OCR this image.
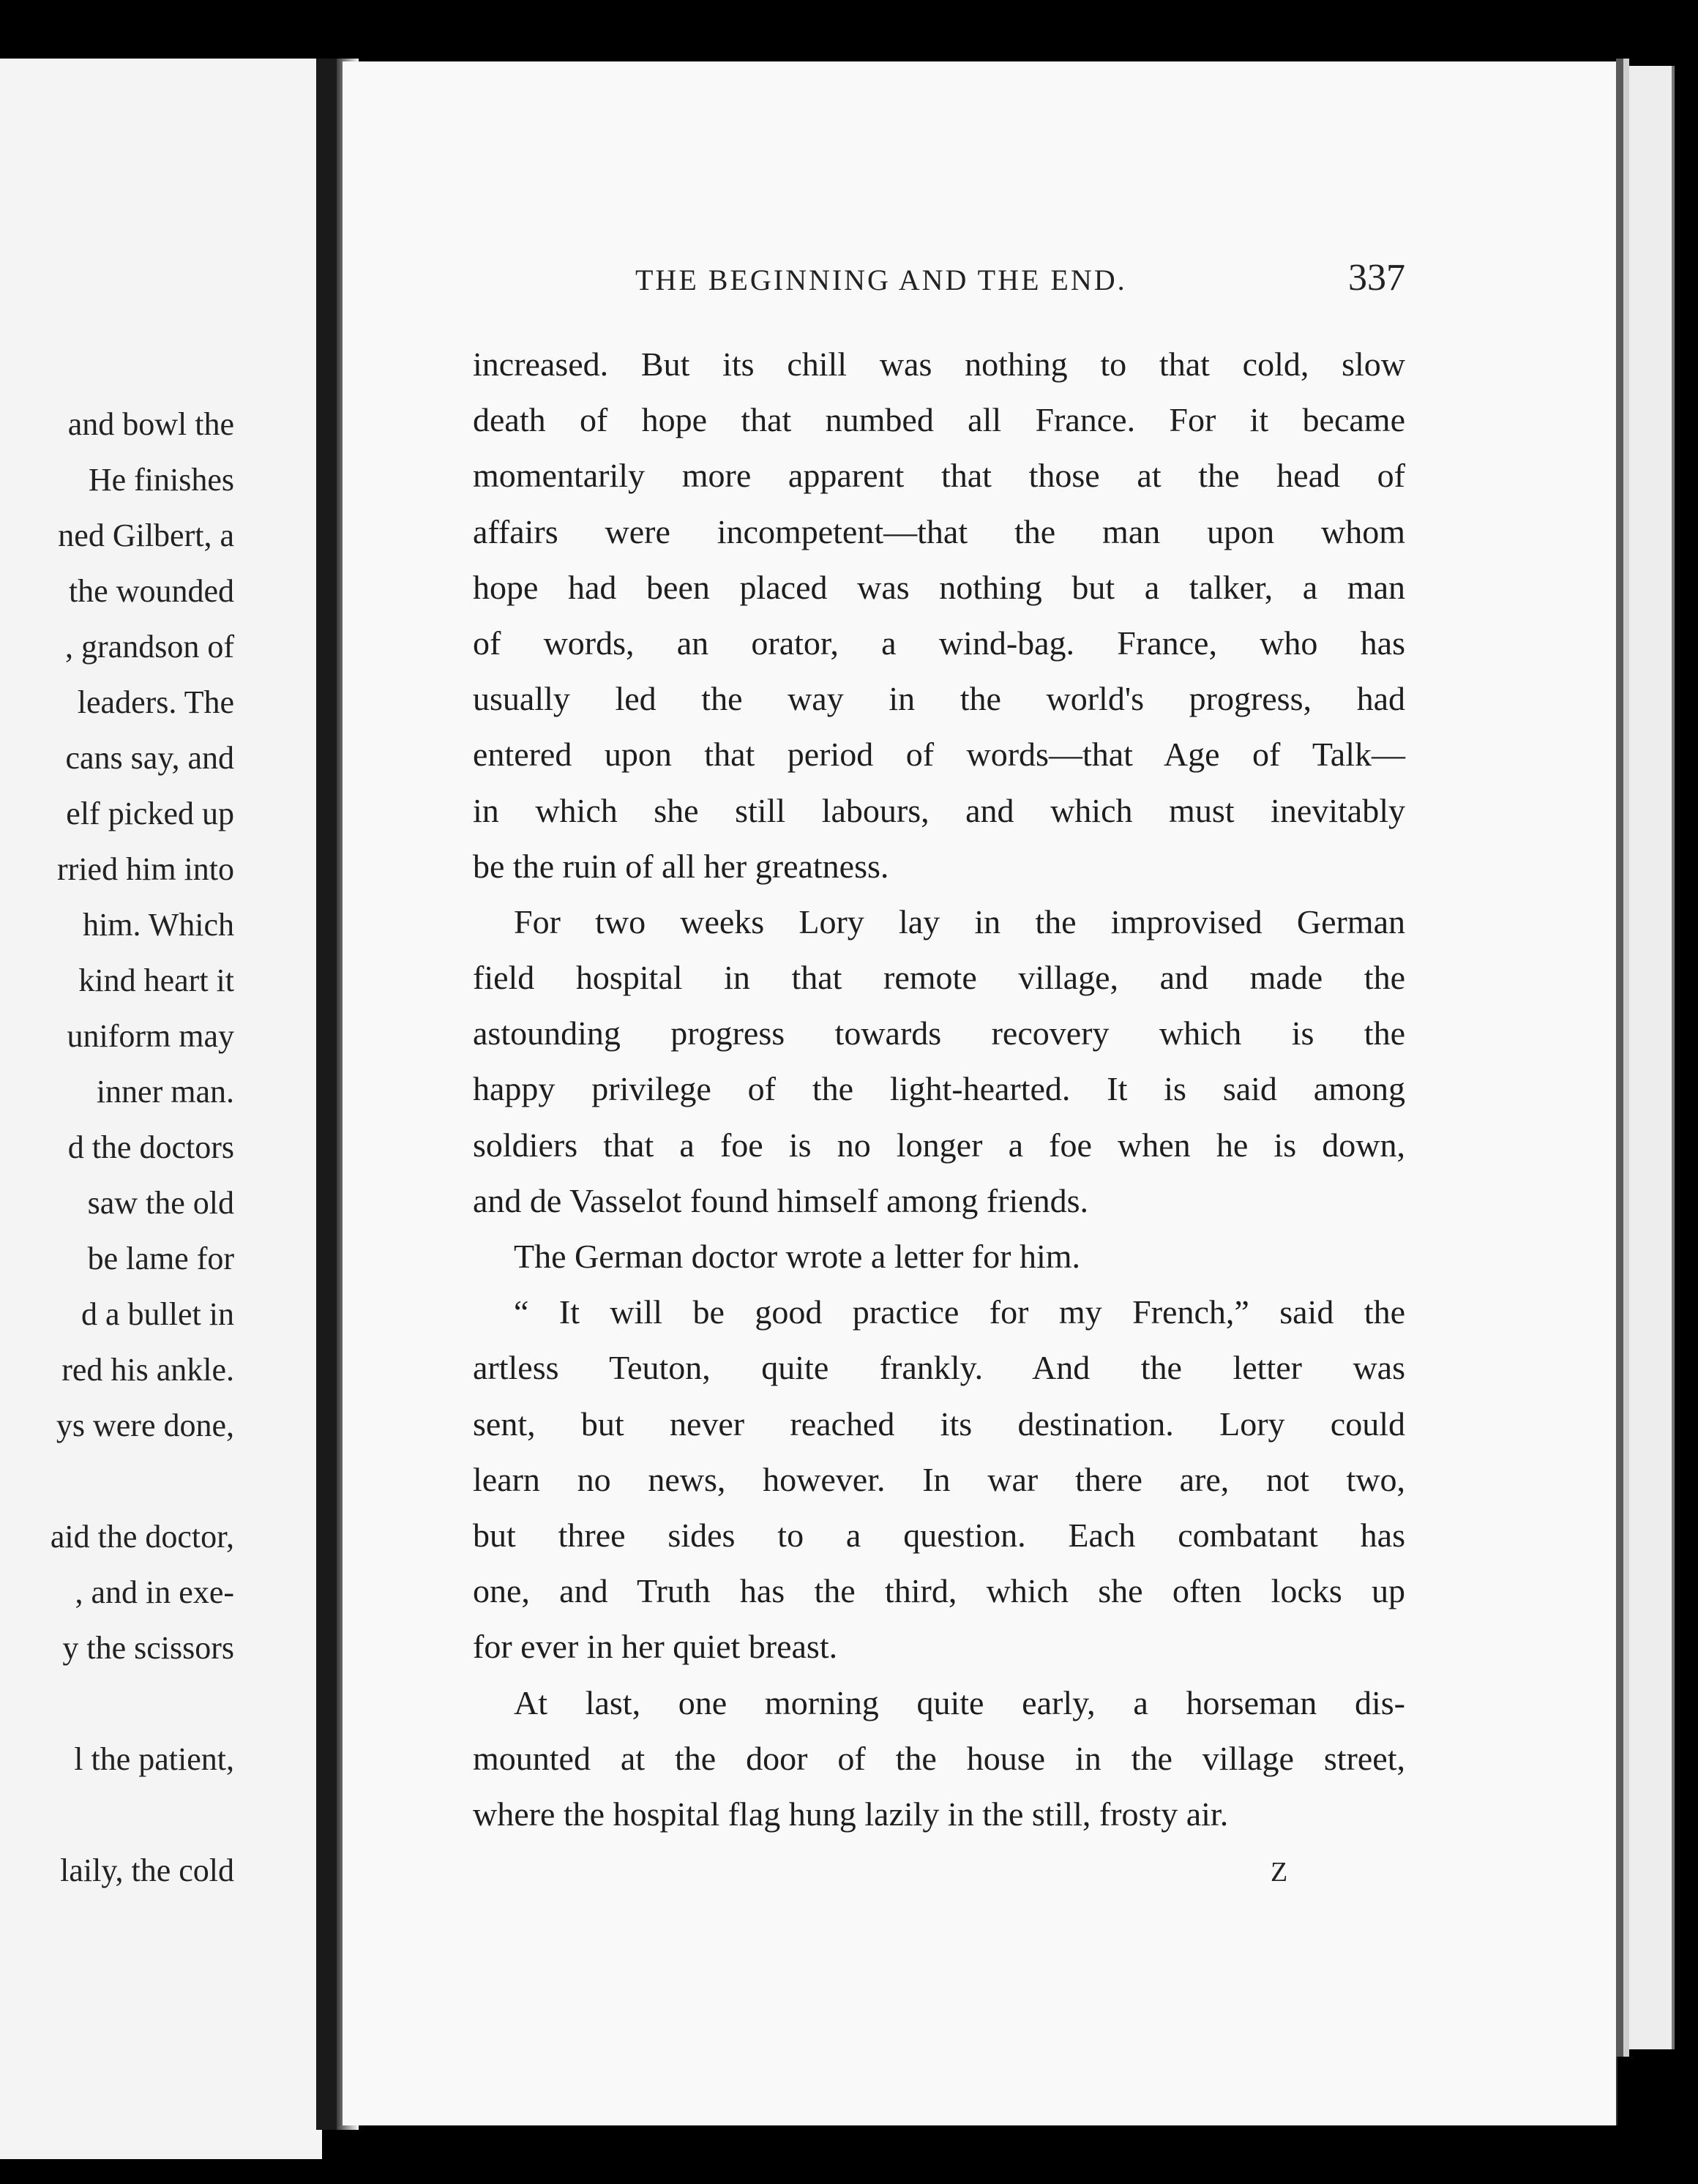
and bowl the
He finishes
ned Gilbert, a
the wounded
, grandson of
leaders. The
cans say, and
elf picked up
rried him into
him. Which
kind heart it
uniform may
inner man.
d the doctors
saw the old
be lame for
d a bullet in
red his ankle.
ys were done,
aid the doctor,
, and in exe-
y the scissors
l the patient,
laily, the cold
THE BEGINNING AND THE END.	337
increased. But its chill was nothing to that cold, slow
death of hope that numbed all France. For it became
momentarily more apparent that those at the head of
affairs were incompetent—that the man upon whom
hope had been placed was nothing but a talker, a man
of words, an orator, a wind-bag. France, who has
usually led the way in the world's progress, had
entered upon that period of words—that Age of Talk—
in which she still labours, and which must inevitably
be the ruin of all her greatness.
For two weeks Lory lay in the improvised German
field hospital in that remote village, and made the
astounding progress towards recovery which is the
happy privilege of the light-hearted. It is said among
soldiers that a foe is no longer a foe when he is down,
and de Vasselot found himself among friends.
The German doctor wrote a letter for him.
“ It will be good practice for my French,” said the
artless Teuton, quite frankly. And the letter was
sent, but never reached its destination. Lory could
learn no news, however. In war there are, not two,
but three sides to a question. Each combatant has
one, and Truth has the third, which she often locks up
for ever in her quiet breast.
At last, one morning quite early, a horseman dis-
mounted at the door of the house in the village street,
where the hospital flag hung lazily in the still, frosty air.
Z
